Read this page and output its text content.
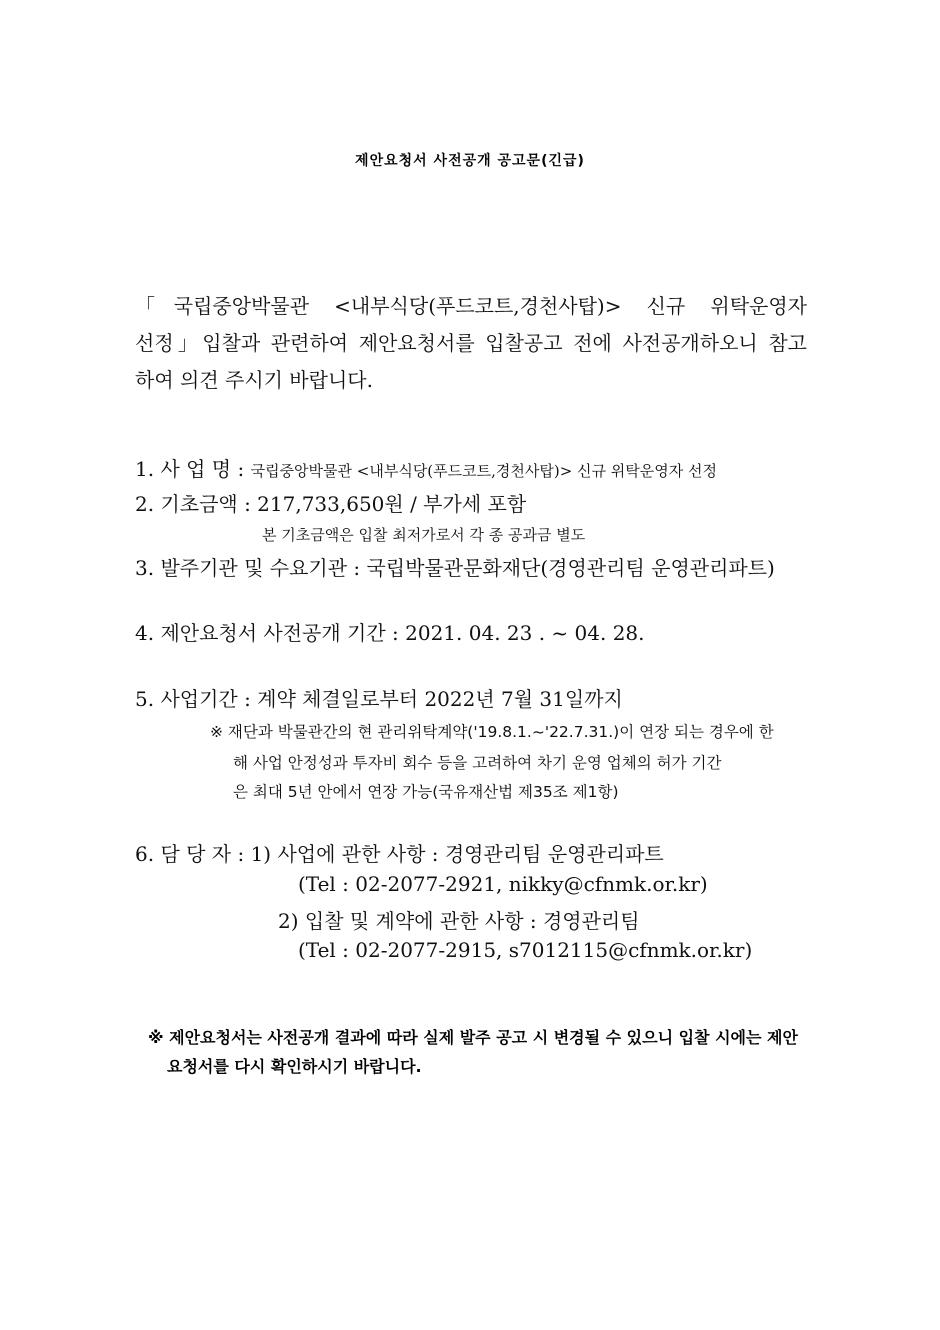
제안요청서 사전공개 공고문(긴급)
「국립중앙박물관 <내부식당(푸드코트,경천사탑)> 신규 위탁운영자
선정」입찰과 관련하여 제안요청서를 입찰공고 전에 사전공개하오니 참고
하여 의견 주시기 바랍니다.
1. 사 업 명 : 국립중앙박물관 <내부식당(푸드코트,경천사탑)> 신규 위탁운영자 선정
2. 기초금액 : 217,733,650원 / 부가세 포함
본 기초금액은 입찰 최저가로서 각 종 공과금 별도
3. 발주기관 및 수요기관 : 국립박물관문화재단(경영관리팀 운영관리파트)
4. 제안요청서 사전공개 기간 : 2021. 04. 23 . ~ 04. 28.
5. 사업기간 : 계약 체결일로부터 2022년 7월 31일까지
※ 재단과 박물관간의 현 관리위탁계약('19.8.1.~'22.7.31.)이 연장 되는 경우에 한
해 사업 안정성과 투자비 회수 등을 고려하여 차기 운영 업체의 허가 기간
은 최대 5년 안에서 연장 가능(국유재산법 제35조 제1항)
6. 담 당 자 : 1) 사업에 관한 사항 : 경영관리팀 운영관리파트
(Tel : 02-2077-2921, nikky@cfnmk.or.kr)
2) 입찰 및 계약에 관한 사항 : 경영관리팀
(Tel : 02-2077-2915, s7012115@cfnmk.or.kr)
※ 제안요청서는 사전공개 결과에 따라 실제 발주 공고 시 변경될 수 있으니 입찰 시에는 제안
요청서를 다시 확인하시기 바랍니다.
